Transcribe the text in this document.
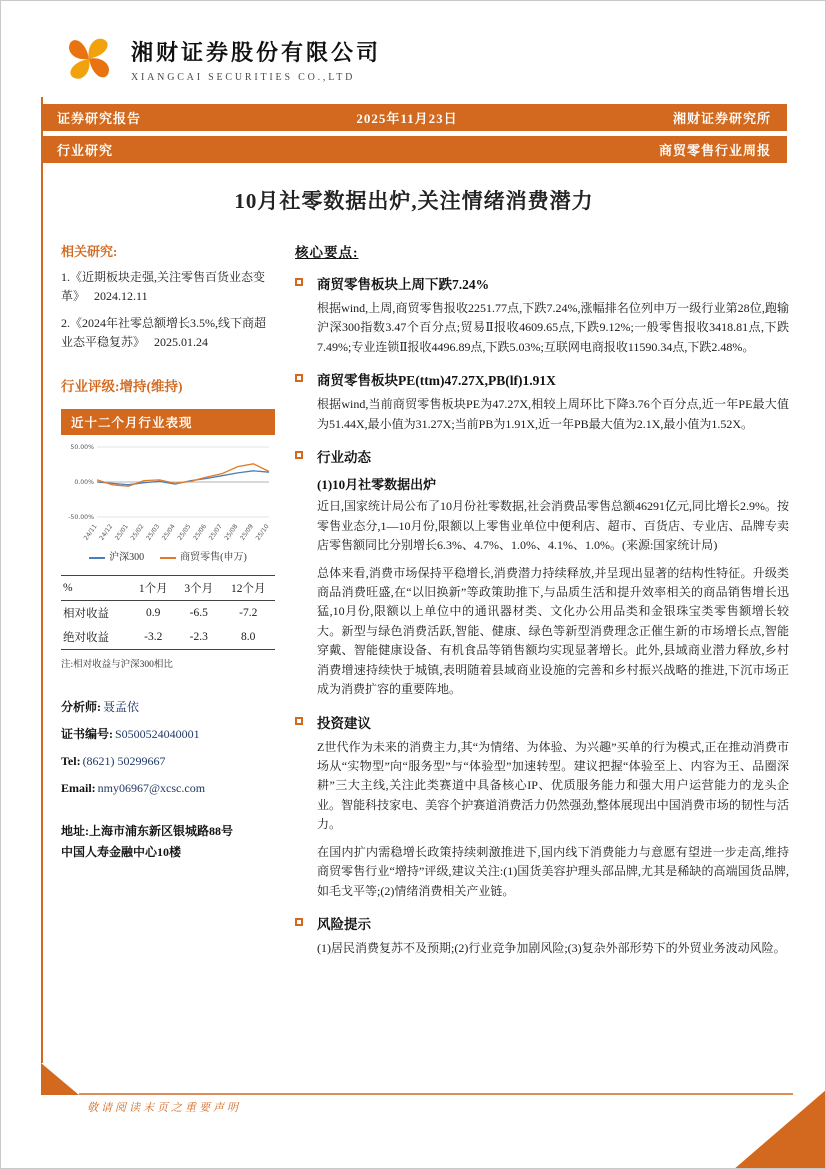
湘财证券股份有限公司
XIANGCAI SECURITIES CO.,LTD
证券研究报告	2025年11月23日	湘财证券研究所
行业研究	商贸零售行业周报
10月社零数据出炉,关注情绪消费潜力
相关研究:
1.《近期板块走强,关注零售百货业态变革》 2024.12.11
2.《2024年社零总额增长3.5%,线下商超业态平稳复苏》 2025.01.24
行业评级:增持(维持)
近十二个月行业表现
50.00%
0.00%
-50.00%
24/11 24/12 25/01 25/02 25/03 25/04 25/05 25/06 25/07 25/08 25/09 25/10
沪深300	商贸零售(申万)
%	1个月	3个月	12个月
相对收益	0.9	-6.5	-7.2
绝对收益	-3.2	-2.3	8.0
注:相对收益与沪深300相比
分析师: 聂孟依
证书编号: S0500524040001
Tel: (8621) 50299667
Email: nmy06967@xcsc.com
地址:上海市浦东新区银城路88号
中国人寿金融中心10楼
核心要点:
商贸零售板块上周下跌7.24%

根据wind,上周,商贸零售报收2251.77点,下跌7.24%,涨幅排名位列申万一级行业第28位,跑输沪深300指数3.47个百分点;贸易Ⅱ报收4609.65点,下跌9.12%;一般零售报收3418.81点,下跌7.49%;专业连锁Ⅱ报收4496.89点,下跌5.03%;互联网电商报收11590.34点,下跌2.48%。

商贸零售板块PE(ttm)47.27X,PB(lf)1.91X

根据wind,当前商贸零售板块PE为47.27X,相较上周环比下降3.76个百分点,近一年PE最大值为51.44X,最小值为31.27X;当前PB为1.91X,近一年PB最大值为2.1X,最小值为1.52X。

行业动态
(1)10月社零数据出炉

近日,国家统计局公布了10月份社零数据,社会消费品零售总额46291亿元,同比增长2.9%。按零售业态分,1—10月份,限额以上零售业单位中便利店、超市、百货店、专业店、品牌专卖店零售额同比分别增长6.3%、4.7%、1.0%、4.1%、1.0%。(来源:国家统计局)

总体来看,消费市场保持平稳增长,消费潜力持续释放,并呈现出显著的结构性特征。升级类商品消费旺盛,在“以旧换新”等政策助推下,与品质生活和提升效率相关的商品销售增长迅猛,10月份,限额以上单位中的通讯器材类、文化办公用品类和金银珠宝类零售额增长较大。新型与绿色消费活跃,智能、健康、绿色等新型消费理念正催生新的市场增长点,智能穿戴、智能健康设备、有机食品等销售额均实现显著增长。此外,县域商业潜力释放,乡村消费增速持续快于城镇,表明随着县域商业设施的完善和乡村振兴战略的推进,下沉市场正成为消费扩容的重要阵地。

投资建议

Z世代作为未来的消费主力,其“为情绪、为体验、为兴趣”买单的行为模式,正在推动消费市场从“实物型”向“服务型”与“体验型”加速转型。建议把握“体验至上、内容为王、品圈深耕”三大主线,关注此类赛道中具备核心IP、优质服务能力和强大用户运营能力的龙头企业。智能科技家电、美容个护赛道消费活力仍然强劲,整体展现出中国消费市场的韧性与活力。

在国内扩内需稳增长政策持续刺激推进下,国内线下消费能力与意愿有望进一步走高,维持商贸零售行业“增持”评级,建议关注:(1)国货美容护理头部品牌,尤其是稀缺的高端国货品牌,如毛戈平等;(2)情绪消费相关产业链。

风险提示

(1)居民消费复苏不及预期;(2)行业竞争加剧风险;(3)复杂外部形势下的外贸业务波动风险。

敬请阅读末页之重要声明
